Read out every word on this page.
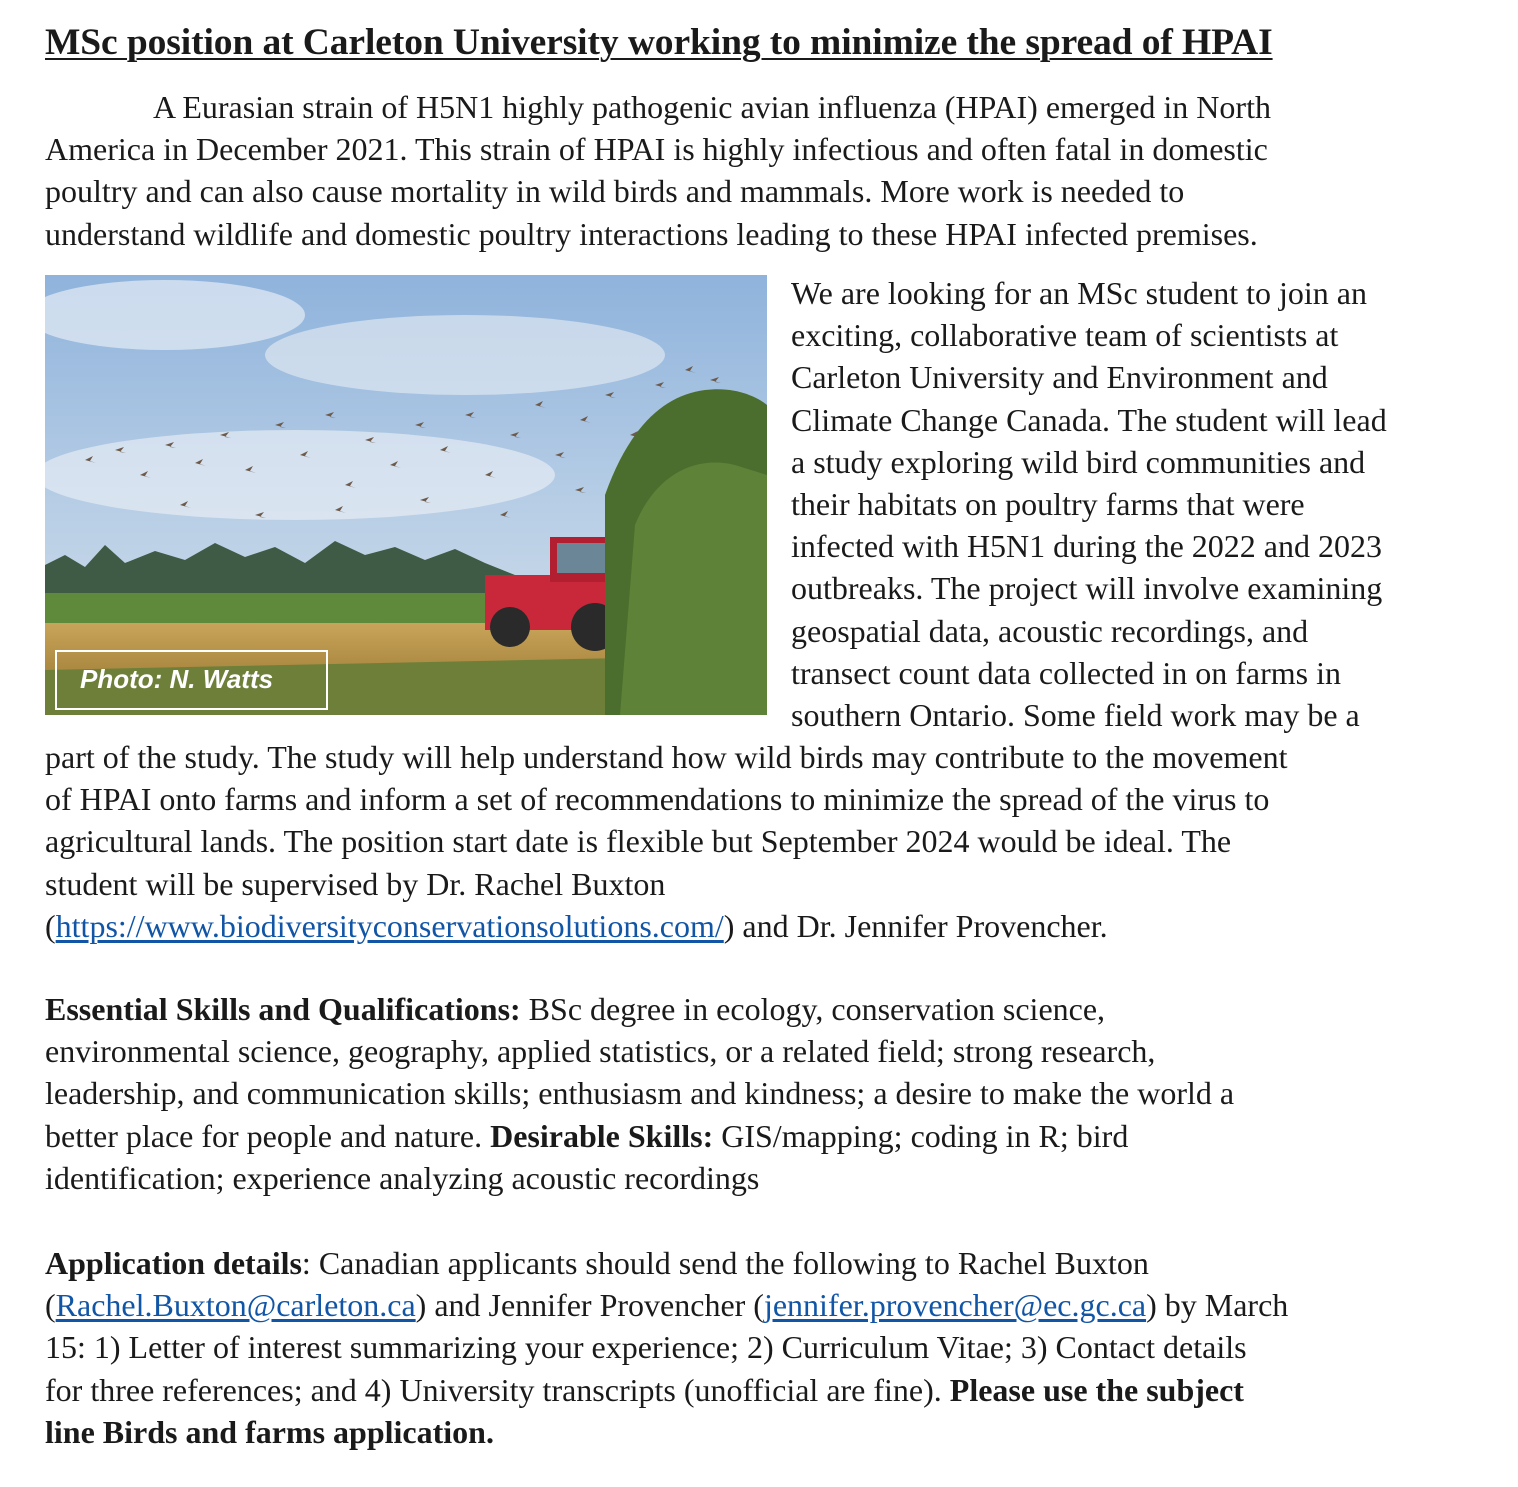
MSc position at Carleton University working to minimize the spread of HPAI
A Eurasian strain of H5N1 highly pathogenic avian influenza (HPAI) emerged in North
America in December 2021. This strain of HPAI is highly infectious and often fatal in domestic
poultry and can also cause mortality in wild birds and mammals. More work is needed to
understand wildlife and domestic poultry interactions leading to these HPAI infected premises.
Photo: N. Watts
We are looking for an MSc student to join an
exciting, collaborative team of scientists at
Carleton University and Environment and
Climate Change Canada. The student will lead
a study exploring wild bird communities and
their habitats on poultry farms that were
infected with H5N1 during the 2022 and 2023
outbreaks. The project will involve examining
geospatial data, acoustic recordings, and
transect count data collected in on farms in
southern Ontario. Some field work may be a
part of the study. The study will help understand how wild birds may contribute to the movement
of HPAI onto farms and inform a set of recommendations to minimize the spread of the virus to
agricultural lands. The position start date is flexible but September 2024 would be ideal. The
student will be supervised by Dr. Rachel Buxton
(https://www.biodiversityconservationsolutions.com/) and Dr. Jennifer Provencher.
Essential Skills and Qualifications: BSc degree in ecology, conservation science,
environmental science, geography, applied statistics, or a related field; strong research,
leadership, and communication skills; enthusiasm and kindness; a desire to make the world a
better place for people and nature. Desirable Skills: GIS/mapping; coding in R; bird
identification; experience analyzing acoustic recordings
Application details: Canadian applicants should send the following to Rachel Buxton
(Rachel.Buxton@carleton.ca) and Jennifer Provencher (jennifer.provencher@ec.gc.ca) by March
15: 1) Letter of interest summarizing your experience; 2) Curriculum Vitae; 3) Contact details
for three references; and 4) University transcripts (unofficial are fine). Please use the subject
line Birds and farms application.
